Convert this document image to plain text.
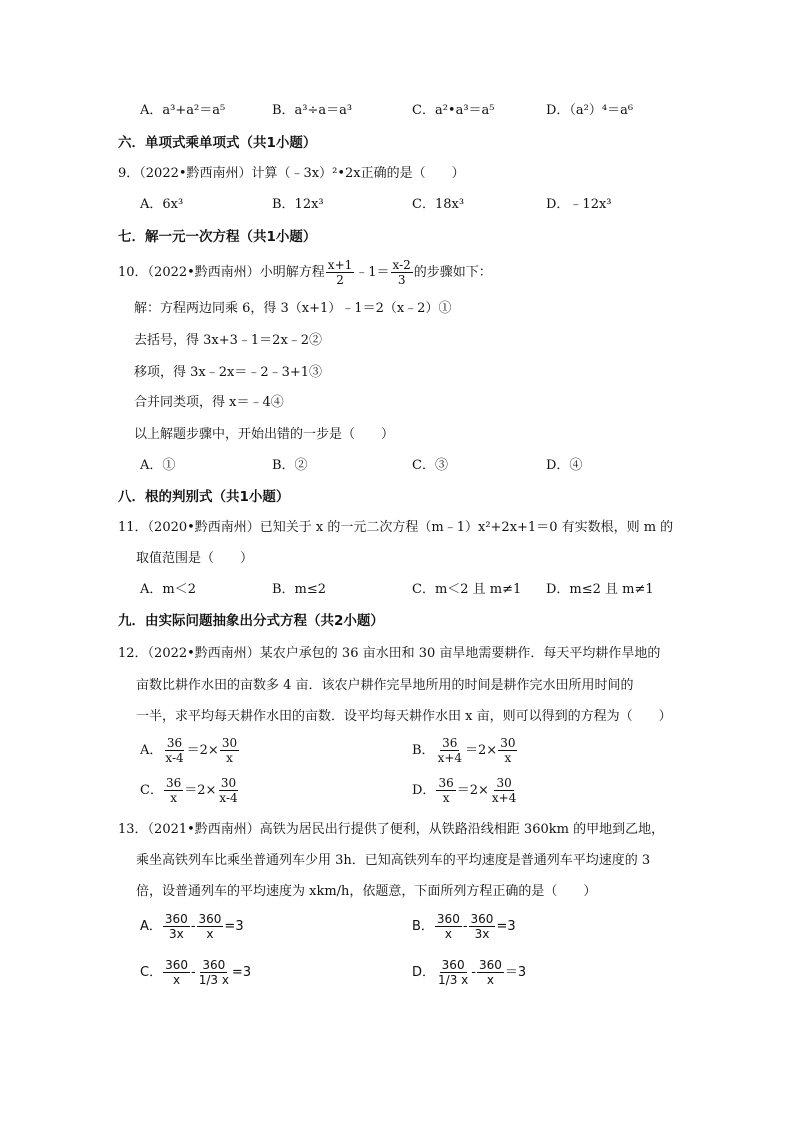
A．a³+a²＝a⁵	B．a³÷a＝a³	C．a²•a³＝a⁵	D．（a²）⁴＝a⁶
六．单项式乘单项式（共1小题）
9．（2022•黔西南州）计算（﹣3x）²•2x正确的是（　　）
A．6x³	B．12x³	C．18x³	D．﹣12x³
七．解一元一次方程（共1小题）
10．（2022•黔西南州）小明解方程 $\frac{x+1}{2}$ ﹣1＝ $\frac{x-2}{3}$ 的步骤如下：
解：方程两边同乘 6，得 3（x+1）﹣1＝2（x﹣2）①
去括号，得 3x+3﹣1＝2x﹣2②
移项，得 3x﹣2x＝﹣2﹣3+1③
合并同类项，得 x＝﹣4④
以上解题步骤中，开始出错的一步是（　　）
A．①	B．②	C．③	D．④
八．根的判别式（共1小题）
11．（2020•黔西南州）已知关于 x 的一元二次方程（m﹣1）x²+2x+1＝0 有实数根，则 m 的
取值范围是（　　）
A．m＜2	B．m≤2	C．m＜2 且 m≠1 D．m≤2 且 m≠1
九．由实际问题抽象出分式方程（共2小题）
12．（2022•黔西南州）某农户承包的 36 亩水田和 30 亩旱地需要耕作．每天平均耕作旱地的
亩数比耕作水田的亩数多 4 亩．该农户耕作完旱地所用的时间是耕作完水田所用时间的
一半，求平均每天耕作水田的亩数．设平均每天耕作水田 x 亩，则可以得到的方程为（　　）
A． $\frac{36}{x-4} =2\times \frac{30}{x}$	B． $\frac{36}{x+4} =2\times \frac{30}{x}$
C． $\frac{36}{x} =2\times \frac{30}{x-4}$	D． $\frac{36}{x} =2\times \frac{30}{x+4}$
13．（2021•黔西南州）高铁为居民出行提供了便利，从铁路沿线相距 360km 的甲地到乙地，
乘坐高铁列车比乘坐普通列车少用 3h．已知高铁列车的平均速度是普通列车平均速度的 3
倍，设普通列车的平均速度为 xkm/h，依题意，下面所列方程正确的是（　　）
A． $\frac{360}{3x} - \frac{360}{x} =3$	B． $\frac{360}{x} - \frac{360}{3x} =3$
C． $\frac{360}{x} - \frac{360}{1/3 x} =3$	D． $\frac{360}{1/3 x} - \frac{360}{x} =3$
